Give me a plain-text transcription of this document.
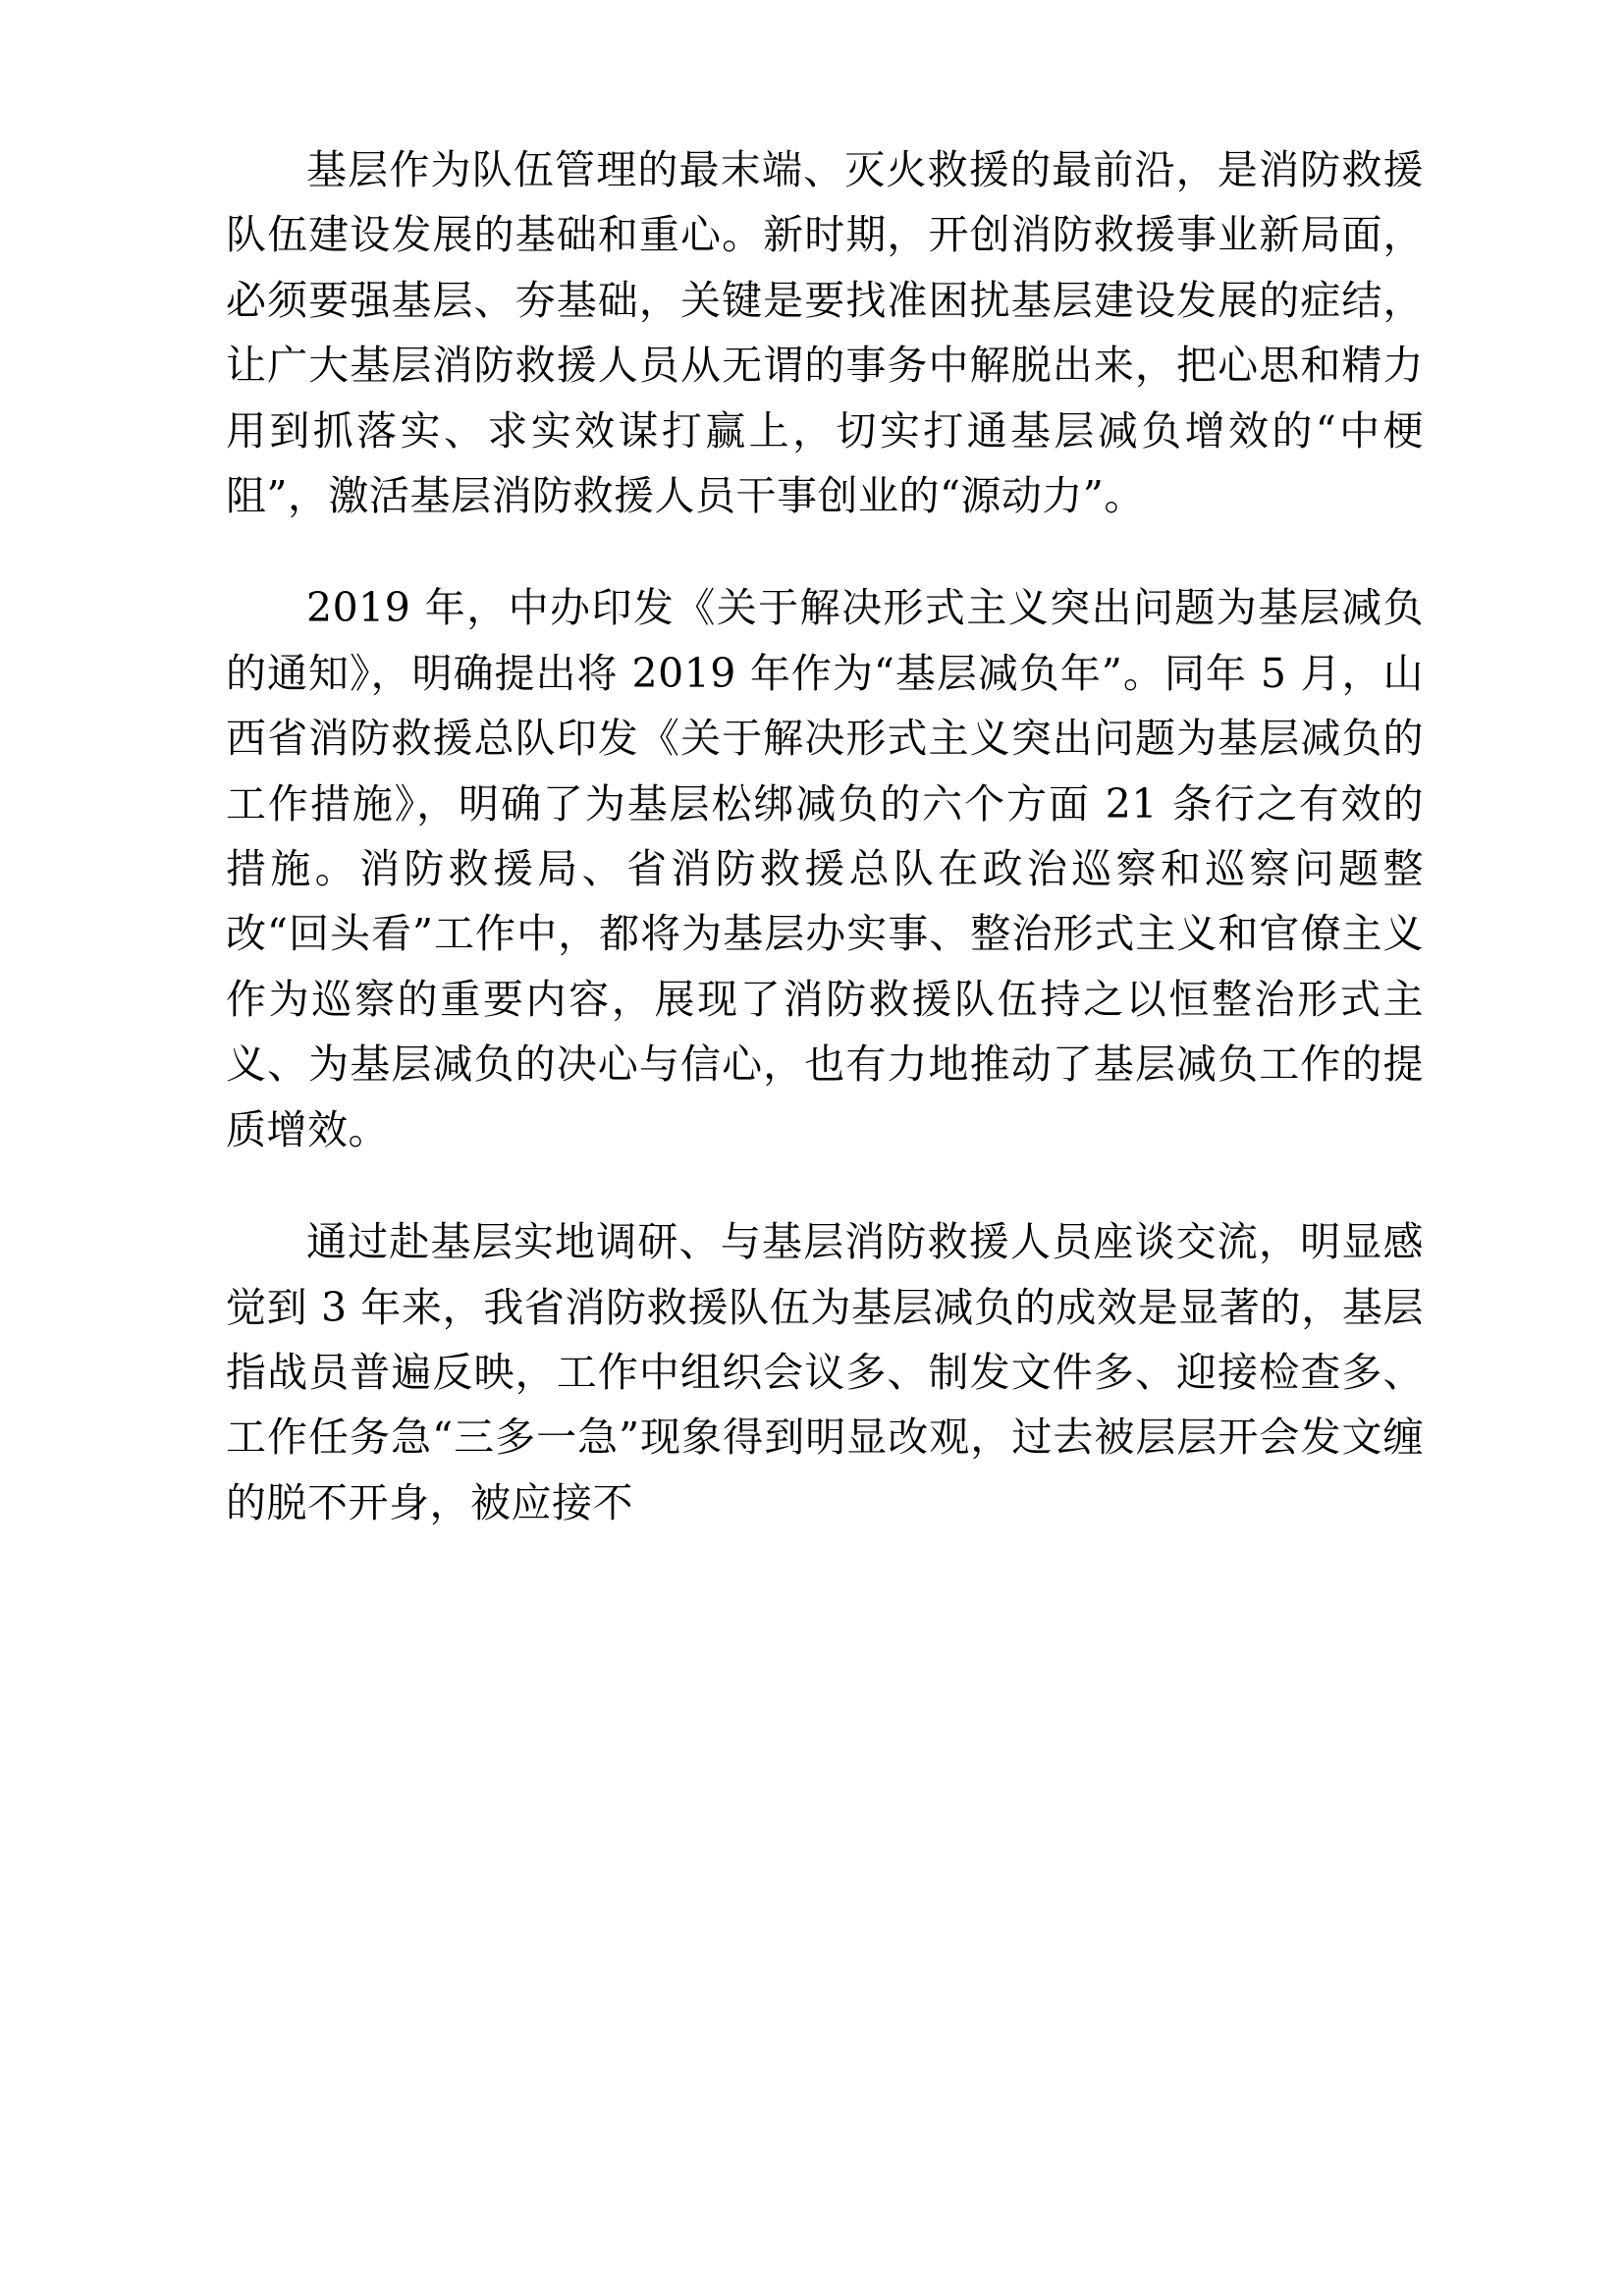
基层作为队伍管理的最末端、灭火救援的最前沿，是消防救援队伍建设发展的基础和重心。新时期，开创消防救援事业新局面，必须要强基层、夯基础，关键是要找准困扰基层建设发展的症结，让广大基层消防救援人员从无谓的事务中解脱出来，把心思和精力用到抓落实、求实效谋打赢上，切实打通基层减负增效的“中梗阻”，激活基层消防救援人员干事创业的“源动力”。

2019 年，中办印发《关于解决形式主义突出问题为基层减负的通知》，明确提出将 2019 年作为“基层减负年”。同年 5 月，山西省消防救援总队印发《关于解决形式主义突出问题为基层减负的工作措施》，明确了为基层松绑减负的六个方面 21 条行之有效的措施。消防救援局、省消防救援总队在政治巡察和巡察问题整改“回头看”工作中，都将为基层办实事、整治形式主义和官僚主义作为巡察的重要内容，展现了消防救援队伍持之以恒整治形式主义、为基层减负的决心与信心，也有力地推动了基层减负工作的提质增效。

通过赴基层实地调研、与基层消防救援人员座谈交流，明显感觉到 3 年来，我省消防救援队伍为基层减负的成效是显著的，基层指战员普遍反映，工作中组织会议多、制发文件多、迎接检查多、工作任务急“三多一急”现象得到明显改观，过去被层层开会发文缠的脱不开身，被应接不
